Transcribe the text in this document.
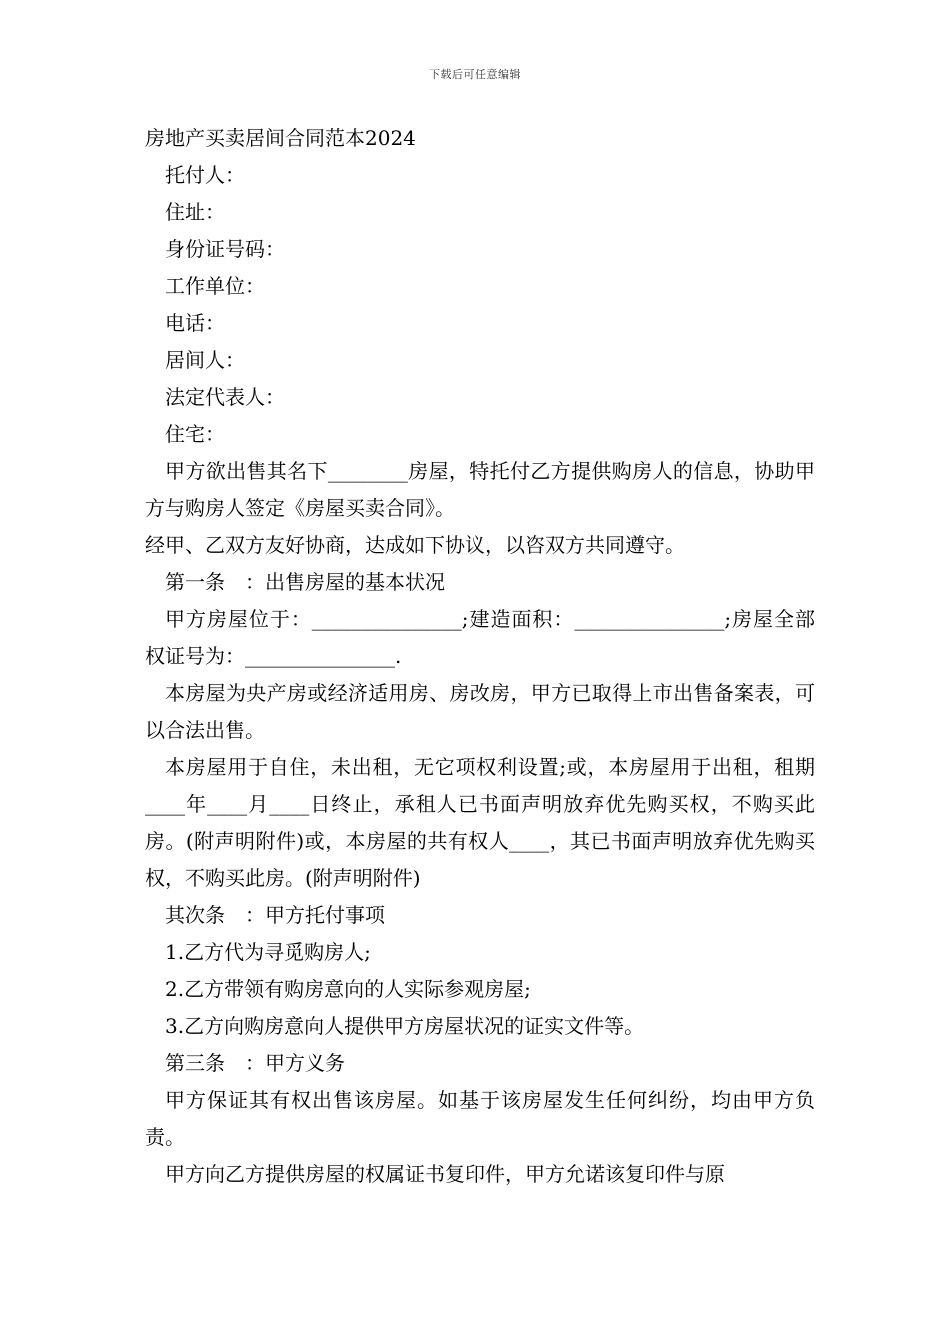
下载后可任意编辑
房地产买卖居间合同范本2024
托付人：
住址：
身份证号码：
工作单位：
电话：
居间人：
法定代表人：
住宅：
甲方欲出售其名下________房屋，特托付乙方提供购房人的信息，协助甲方与购房人签定《房屋买卖合同》。
经甲、乙双方友好协商，达成如下协议，以咨双方共同遵守。
第一条　：出售房屋的基本状况
甲方房屋位于：_______________;建造面积：_______________;房屋全部权证号为：_______________.
本房屋为央产房或经济适用房、房改房，甲方已取得上市出售备案表，可以合法出售。
本房屋用于自住，未出租，无它项权利设置;或，本房屋用于出租，租期____年____月____日终止，承租人已书面声明放弃优先购买权，不购买此房。(附声明附件)或，本房屋的共有权人____，其已书面声明放弃优先购买权，不购买此房。(附声明附件)
其次条　：甲方托付事项
1.乙方代为寻觅购房人;
2.乙方带领有购房意向的人实际参观房屋;
3.乙方向购房意向人提供甲方房屋状况的证实文件等。
第三条　：甲方义务
甲方保证其有权出售该房屋。如基于该房屋发生任何纠纷，均由甲方负责。
甲方向乙方提供房屋的权属证书复印件，甲方允诺该复印件与原
